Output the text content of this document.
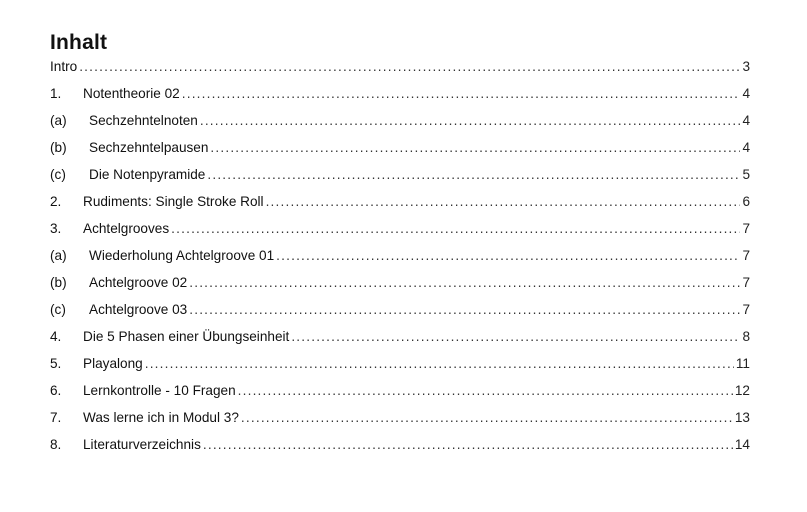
Inhalt
Intro .....	3
1.	Notentheorie 02 .....	4
(a)	Sechzehntelnoten .....	4
(b)	Sechzehntelpausen .....	4
(c)	Die Notenpyramide .....	5
2.	Rudiments: Single Stroke Roll .....	6
3.	Achtelgrooves .....	7
(a)	Wiederholung Achtelgroove 01 .....	7
(b)	Achtelgroove 02 .....	7
(c)	Achtelgroove 03 .....	7
4.	Die 5 Phasen einer Übungseinheit .....	8
5.	Playalong .....	11
6.	Lernkontrolle - 10 Fragen .....	12
7.	Was lerne ich in Modul 3? .....	13
8.	Literaturverzeichnis .....	14
